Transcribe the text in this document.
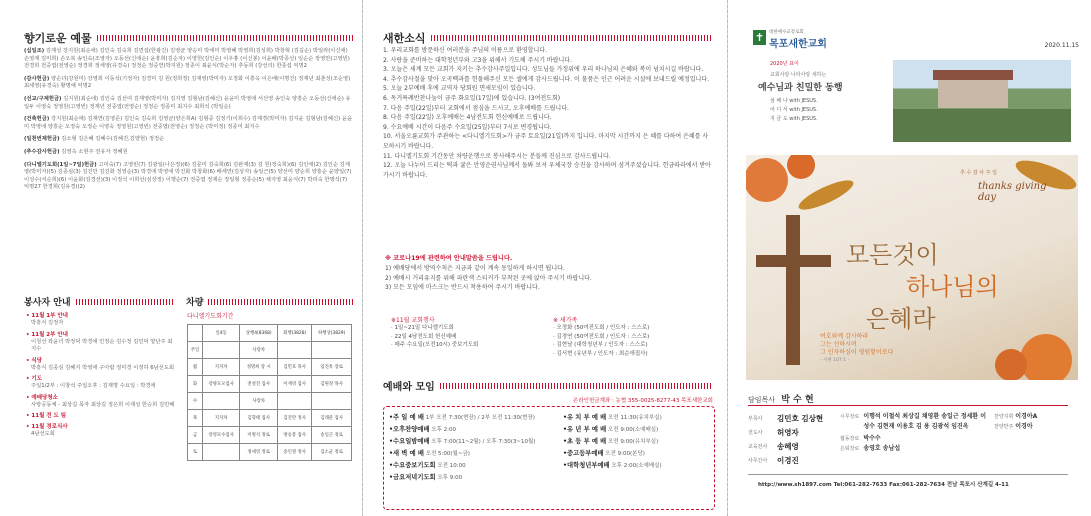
향기로운 예물
(십일조) 김재성 강지원(최순애) 김인숙 김숙희 김면섭(한광진) 김영균 양승미 박세미 박영혜 박영희(김성희) 박창혁 (김길순) 박일라(이신애) 손영재 김미희) 손오복 송인숙(조영자) 오동선(신애순) 윤흥희(김순자) 이영헌(김인순) 이우홍 (이신봉) 이윤배(박종선) 임순순 장영만(고영빈) 전경희 전중엽(전영순) 정경희 정세영(유경숙) 정정순 정중연(박지원) 정종이 최윤식(박순자) 추동희 (강선의) 한종섭 익명2
(감사헌금) 양순녀(강원미) 강영희 이동석(기정자) 김경미 김 원(정희정) 김재영(박미자) 오정화 이흥옥 이은배(이명진) 정재년 최춘성(조순영) 최세영(유경숙) 황명예 익명2
(선교/구제헌금) 김지원(최순애) 김인숙 김선여 김재영(박미자) 김지영 김형남(김혜신) 윤윤미 박영애 서선영 송인숙 양흥순 오동선(신애순) 유일두 이영숙 정영원(고영빈) 정재년 전중엽(전영순) 정정순 정종미 최지수 최희석 (박일순)
(건축헌금) 강지원(최순애) 김재연(김영준) 김인숙 김숙희 김영균(양은희A) 김형중 김정기(이희수) 김재경(박미자) 김지윤 김형남(김혜신) 윤윤미 박영애 양흥순 오정숙 오정순 이영숙 정영원(고영빈) 전중엽(전영순) 정정순 (박미정) 정종미 최지수
(일천번제헌금) 김소형 김은혜 김혜수(김혜진,김양현) 정정순
(추수감사헌금) 김영옥 소현주 전유자 정혜원
(다니엘기도회(1일~7일)헌금) 고미숙(7) 고영빈(7) 김광일(나은정)(6) 김문미 김숙희(6) 김완재(3) 김 원(정숙희)(6) 김인애(2) 김인순 김재영(박미자)(5) 김종심(3) 김진만 김진화 정영순(3) 박경애 박영애 박진화 박창화(6) 배세연(김상자) 송일근(5) 양선미 양순희 양흥순 윤양일(7) 이성수(서순희)(6) 이윤화(김경선)(3) 이정석 이희선(심상정) 이행순(7) 전중엽 정재순 장일형 정종순(5) 채지영 최윤식(7) 박리숙 한명석(7) 익명27 한경희(김유경)(2)
봉사자 안내
• 11월 1부 안내
박흥식 김정자
• 11월 2부 안내
이청선 곽윤녀 박정덕 박경애 민정순 김수정 김민덕 양난주 최지수
• 식당
박흥식 김종심 김혜지 박영애 구아람 정미경 이정하 6남선도회
• 기도
주일1/2부 : 이창석 주일오후 : 김재명 수요일 : 박경애
• 예배당청소
사랑공동체 - 최상길 목자 최상길 정은희 이재성 한승희 김민혜
• 11월 전 도 팀
• 11월 경로식사
4남선도회
차량
다니엘기도회기간
	일4동	상행4(8368)	회행(3828)	하행상(3829)
주일		사랑차		
월	지지차	정명희 장 시	김민호 목사	임진옥 장로
화	강양모모집사	전성진 집사	이재영 집사	김원정 목사
수		사랑차		
목	지지차	김형태 집사	김진만 정사	김래분 집사
금	강영모수집사	이병석 정로	방승봉 집사	송일근 정로
토		정세영 정로	송인철 정사	김소균 정로
새한소식
1. 우리교회를 방문하신 여러분을 주님의 이름으로 환영합니다.
2. 사랑을 준비하는 대학청년부와 고3을 위해서 기도해 주시기 바랍니다.
3. 오늘은 세계 모든 교회가 지키는 추수감사주일입니다. 성도님들 가정위에 우리 하나님의 은혜와 복이 넘치시길 바랍니다.
4. 추수감사절을 맞아 오곡백과를 헌물해주신 모든 셀에게 감사드립니다. 이 물품은 인근 어려운 시설에 보내드릴 예정입니다.
5. 오늘 2부예배 후에 교역자 당회원 면세모임이 있습니다.
6. 독거특례반찬나눔이 금주 화요일(17일)에 있습니다. (3여전도회)
7. 다음 주일(22일)부터 교회에서 점심을 드시고, 오후예배를 드립니다.
8. 다음 주일(22일) 오후예배는 4남전도회 헌신예배로 드립니다.
9. 수요예배 시간이 다음주 수요일(25일)부터 7시로 변경됩니다.
10. 서울오륜교회가 주관하는 <다니엘기도회>가 금주 토요일(21일)까지 입니다. 마지막 시간까지 은 혜를 다하여 은혜를 사모하시기 바랍니다.
11. 다니엘기도회 기간동안 차량운행으로 봉사해주시는 분들께 진심으로 감사드립니다.
12. 오늘 나누어 드리는 떡과 귤은 안영순권사님께서 돌봐 보셔 우체국장 승진을 감사하며 섬겨주셨습니다. 헌금따라에서 받아 가시기 바랍니다.
※ 코로나19에 관련하여 안내말씀을 드립니다.
1) 예배당에서 방역수칙은 지금과 같이 계속 동일하게 하시면 됩니다.
2) 예배시 거리유지를 위해 파란색 스티커가 부착된 곳에 앉아 주시기 바랍니다.
3) 모든 모임에 마스크는 반드시 착용하여 주시기 바랍니다.
※11월 교회행사
· 1일~21일 다니엘기도회
· 22일 4남전도회 헌신예배
· 매주 수요일(오전10시) 중보기도회
※ 새가족
· 오정화 (50여전도회 / 인도자 : 스스로)
· 김경연 (50여전도회 / 인도자 : 스스로)
· 김현남 (대학청년부 / 인도자 : 스스로)
· 김서현 (유년부 / 인도자 : 최순애집사)
예배와 모임
온라인헌금계좌 : 농협 355-0025-8277-43 목포새한교회
•주 일 예 배 1부 오전 7:30(현장) / 2부 오전 11:30(현장)
•오후찬양예배 오후 2:00
•수요일밤예배 오후 7:00(11~2월) / 오후 7:30(3~10월)
•새 벽 예 배 오전 5:00(월~금)
•수요중보기도회 오전 10:00
•금요저녁기도회 오후 9:00
•유 치 부 예 배 오전 11:30(유치부실)
•유 년 부 예 배 오전 9:00(소예배실)
•초 등 부 예 배 오전 9:00(유치부실)
•중고등부예배 오전 9:00(본당)
•대학청년부예배 오후 2:00(소예배실)
✝	대한예수교장로회
목포새한교회	2020.11.15
2020년 표어
교회사랑 나라사랑 새하는
예수님과 친밀한 동행
섬 배 나 with JESUS.
어 디 서 with JESUS.
지 금 도 with JESUS.
추 수 감 사 주 일
thanks giving day
모든것이
하나님의
은혜라
여호와께 감사하라
그는 선하시며
그 인자하심이 영원함이로다
- 시편 107:1 -
담임목사 박 수 현
부목사	김민호 김상현
전도사	허영자
교육전사	송혜영
사무간사	이경진
시무장로 이행석 이철석 최상길 채영환 송일근 정세환 이성수 김현재 이용호 김 용 김광석 임진옥
협동장로 박수수
은퇴장로 송영호 송남섭
찬양지휘 이경아A
찬양반주 이경아
http://www.sh1897.com Tel:061-282-7633 Fax:061-282-7634 전남 목포시 산계길 4-11
